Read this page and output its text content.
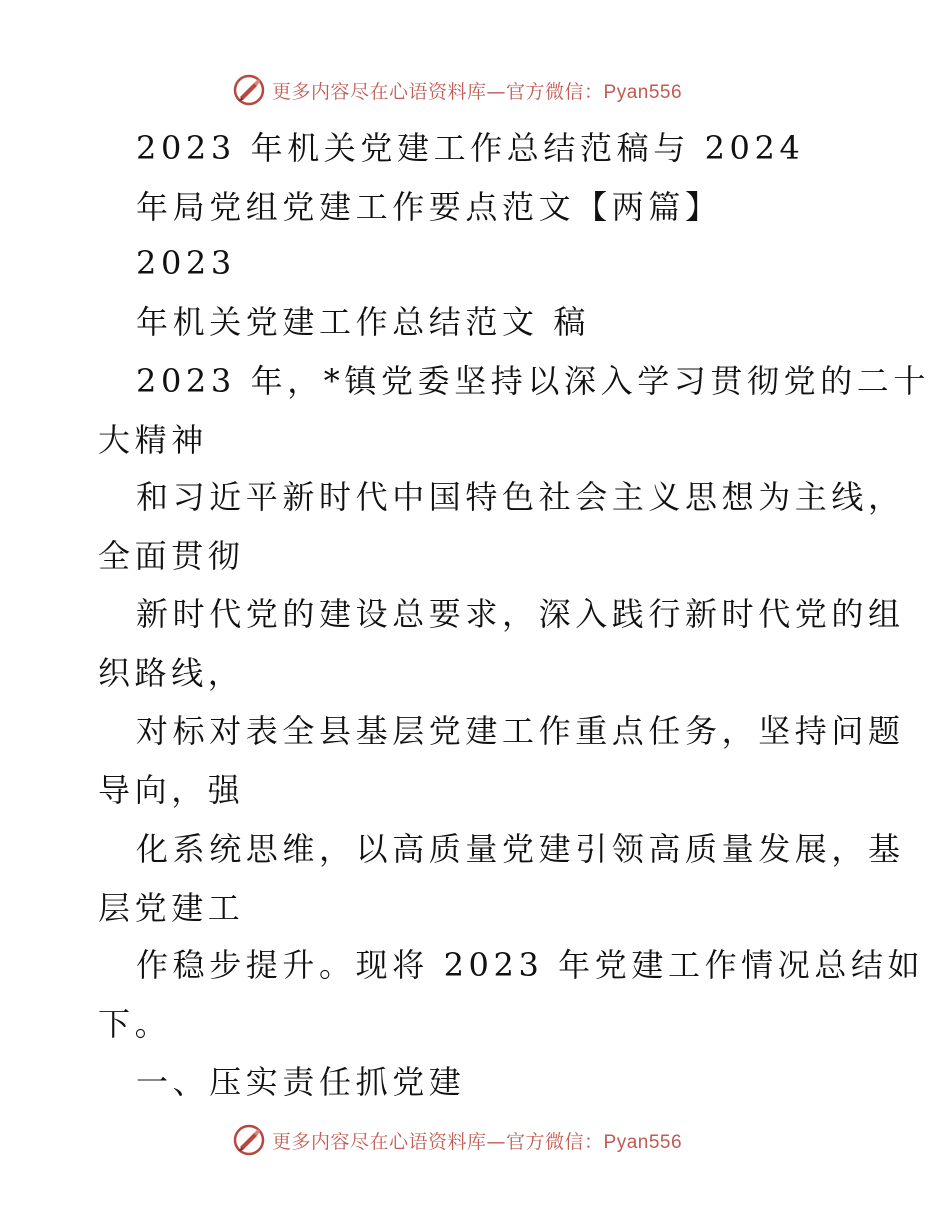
更多内容尽在心语资料库—官方微信：Pyan556
2023 年机关党建工作总结范稿与 2024
年局党组党建工作要点范文【两篇】
2023
年机关党建工作总结范文 稿
2023 年，*镇党委坚持以深入学习贯彻党的二十
大精神
和习近平新时代中国特色社会主义思想为主线，
全面贯彻
新时代党的建设总要求，深入践行新时代党的组
织路线，
对标对表全县基层党建工作重点任务，坚持问题
导向，强
化系统思维，以高质量党建引领高质量发展，基
层党建工
作稳步提升。现将 2023 年党建工作情况总结如
下。
一、压实责任抓党建
更多内容尽在心语资料库—官方微信：Pyan556
